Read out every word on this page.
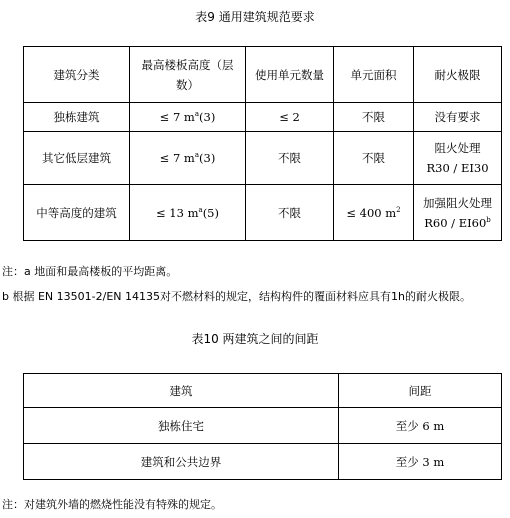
表9 通用建筑规范要求
建筑分类	最高楼板高度（层数）	使用单元数量	单元面积	耐火极限
独栋建筑	≤ 7 $m^a(3)$	≤ 2	不限	没有要求

其它低层建筑	≤ 7 $m^a(3)$	不限	不限	阻火处理
R30 / EI30

中等高度的建筑	≤ 13 $m^a(5)$	不限	≤ 400 $m^2$	加强阻火处理
R60 / EI60$^b$
注：a 地面和最高楼板的平均距离。
b 根据 EN 13501-2/EN 14135对不燃材料的规定，结构构件的覆面材料应具有1h的耐火极限。
表10 两建筑之间的间距
建筑	间距
独栋住宅	至少 6 m
建筑和公共边界	至少 3 m
注：对建筑外墙的燃烧性能没有特殊的规定。
